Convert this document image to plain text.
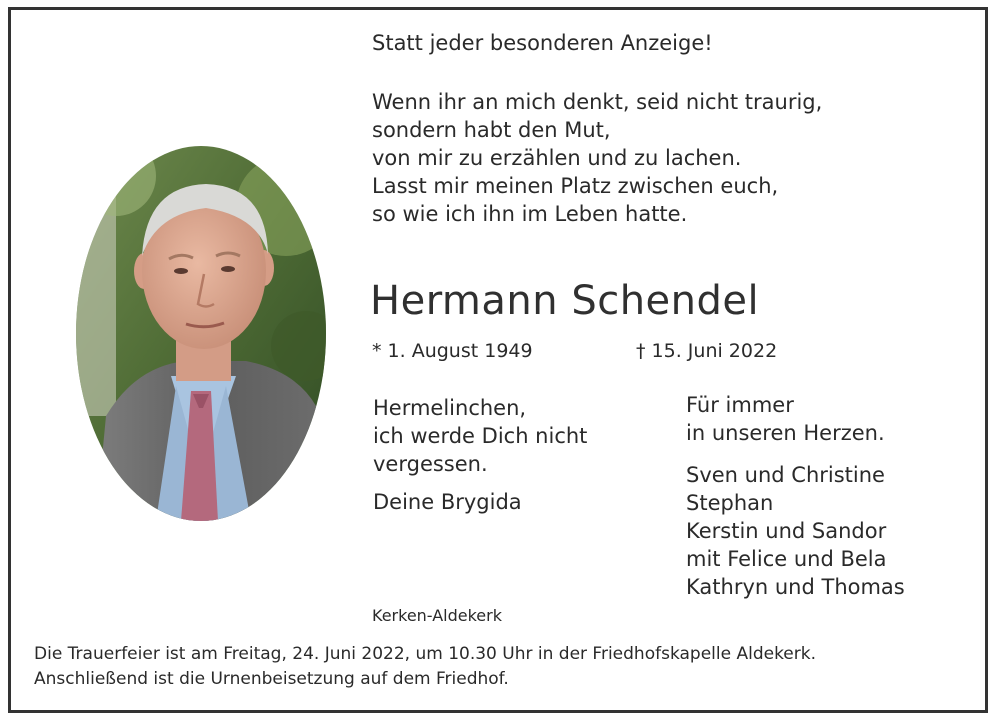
Statt jeder besonderen Anzeige!
Wenn ihr an mich denkt, seid nicht traurig,
sondern habt den Mut,
von mir zu erzählen und zu lachen.
Lasst mir meinen Platz zwischen euch,
so wie ich ihn im Leben hatte.
Hermann Schendel
* 1. August 1949	† 15. Juni 2022
Hermelinchen,
ich werde Dich nicht
vergessen.
Deine Brygida
Für immer
in unseren Herzen.
Sven und Christine
Stephan
Kerstin und Sandor
mit Felice und Bela
Kathryn und Thomas
Kerken-Aldekerk
Die Trauerfeier ist am Freitag, 24. Juni 2022, um 10.30 Uhr in der Friedhofskapelle Aldekerk.
Anschließend ist die Urnenbeisetzung auf dem Friedhof.
